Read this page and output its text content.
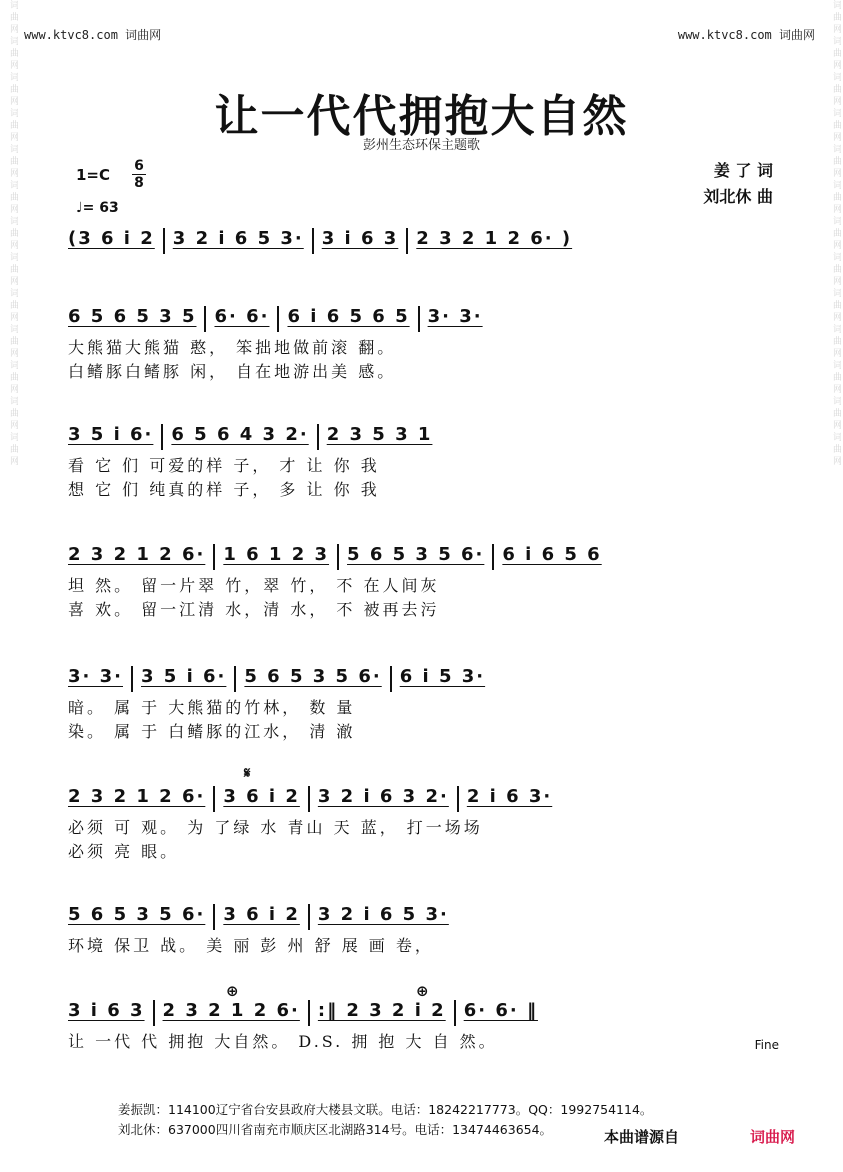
词曲网词曲网词曲网词曲网词曲网词曲网词曲网词曲网词曲网词曲网词曲网词曲网词曲网	词曲网词曲网词曲网词曲网词曲网词曲网词曲网词曲网词曲网词曲网词曲网词曲网词曲网
www.ktvc8.com 词曲网	www.ktvc8.com 词曲网
让一代代拥抱大自然
彭州生态环保主题歌
1=C 6
8
♩= 63
姜 了 词
刘北休 曲
(3 6 i 2 3 2 i 6 5 3· 3 i 6 3 2 3 2 1 2 6· )
6 5 6 5 3 5 6· 6· 6 i 6 5 6 5 3· 3·
大熊猫大熊猫 憨， 笨拙地做前滚 翻。
白鳍豚白鳍豚 闲， 自在地游出美 感。
3 5 i 6· 6 5 6 4 3 2· 2 3 5 3 1
看 它 们 可爱的样 子， 才 让 你 我
想 它 们 纯真的样 子， 多 让 你 我
2 3 2 1 2 6· 1 6 1 2 3 5 6 5 3 5 6· 6 i 6 5 6
坦 然。 留一片翠 竹，翠 竹， 不 在人间灰
喜 欢。 留一江清 水，清 水， 不 被再去污
3· 3· 3 5 i 6· 5 6 5 3 5 6· 6 i 5 3·
暗。 属 于 大熊猫的竹林， 数 量
染。 属 于 白鳍豚的江水， 清 澈
2 3 2 1 2 6· 3 6 i 2 3 2 i 6 3 2· 2 i 6 3·
必须 可 观。 为 了绿 水 青山 天 蓝， 打一场场
必须 亮 眼。
5 6 5 3 5 6· 3 6 i 2 3 2 i 6 5 3·
环境 保卫 战。 美 丽 彭 州 舒 展 画 卷，
3 i 6 3 2 3 2 1 2 6· :‖ 2 3 2 i 2 6· 6· ‖
让 一代 代 拥抱 大自然。 D.S. 拥 抱 大 自 然。
𝄋
⊕	⊕
Fine
姜振凯：114100辽宁省台安县政府大楼县文联。电话：18242217773。QQ：1992754114。
刘北休：637000四川省南充市顺庆区北湖路314号。电话：13474463654。	本曲谱源自	词曲网
